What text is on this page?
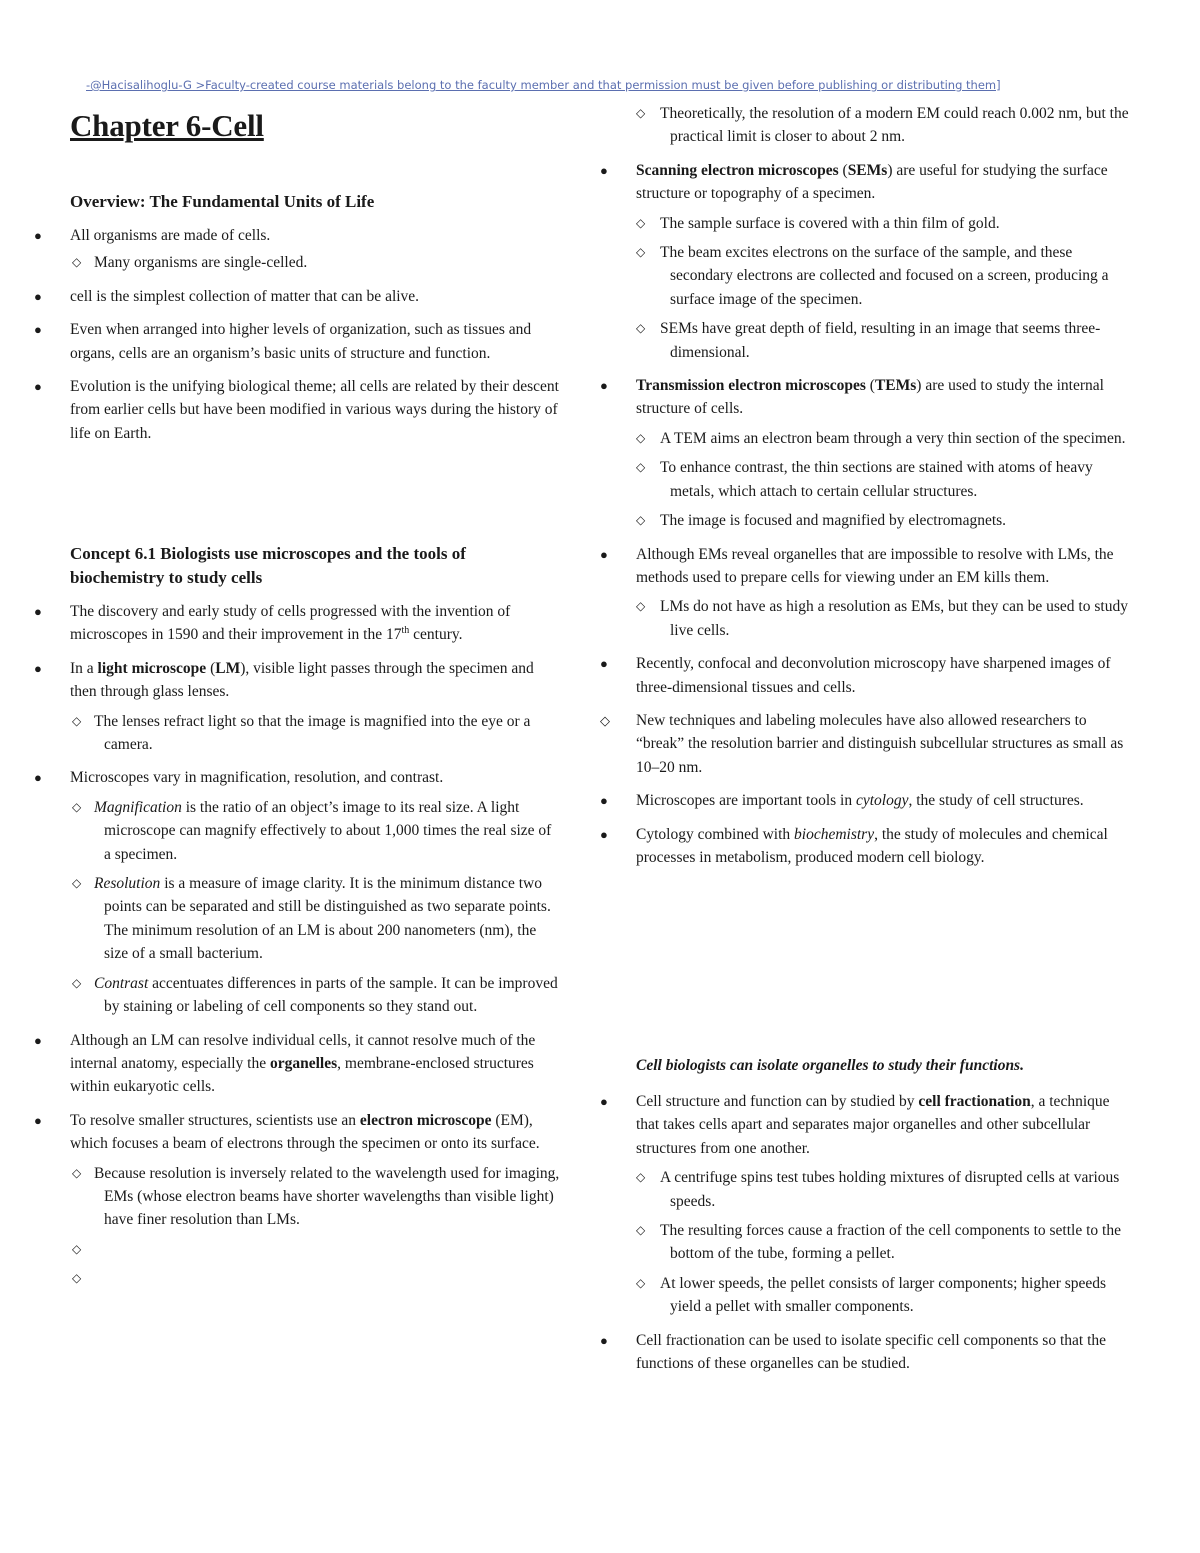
-@Hacisalihoglu-G >Faculty-created course materials belong to the faculty member and that permission must be given before publishing or distributing them]
Chapter 6-Cell
Overview: The Fundamental Units of Life
● All organisms are made of cells.
◇ Many organisms are single-celled.
● cell is the simplest collection of matter that can be alive.
● Even when arranged into higher levels of organization, such as tissues and organs, cells are an organism’s basic units of structure and function.
● Evolution is the unifying biological theme; all cells are related by their descent from earlier cells but have been modified in various ways during the history of life on Earth.
Concept 6.1 Biologists use microscopes and the tools of biochemistry to study cells
● The discovery and early study of cells progressed with the invention of microscopes in 1590 and their improvement in the 17th century.
● In a light microscope (LM), visible light passes through the specimen and then through glass lenses.
◇ The lenses refract light so that the image is magnified into the eye or a camera.
● Microscopes vary in magnification, resolution, and contrast.
◇ Magnification is the ratio of an object’s image to its real size. A light microscope can magnify effectively to about 1,000 times the real size of a specimen.
◇ Resolution is a measure of image clarity. It is the minimum distance two points can be separated and still be distinguished as two separate points. The minimum resolution of an LM is about 200 nanometers (nm), the size of a small bacterium.
◇ Contrast accentuates differences in parts of the sample. It can be improved by staining or labeling of cell components so they stand out.
● Although an LM can resolve individual cells, it cannot resolve much of the internal anatomy, especially the organelles, membrane-enclosed structures within eukaryotic cells.
● To resolve smaller structures, scientists use an electron microscope (EM), which focuses a beam of electrons through the specimen or onto its surface.
◇ Because resolution is inversely related to the wavelength used for imaging, EMs (whose electron beams have shorter wavelengths than visible light) have finer resolution than LMs.
◇
◇
◇ Theoretically, the resolution of a modern EM could reach 0.002 nm, but the practical limit is closer to about 2 nm.
● Scanning electron microscopes (SEMs) are useful for studying the surface structure or topography of a specimen.
◇ The sample surface is covered with a thin film of gold.
◇ The beam excites electrons on the surface of the sample, and these secondary electrons are collected and focused on a screen, producing a surface image of the specimen.
◇ SEMs have great depth of field, resulting in an image that seems three-dimensional.
● Transmission electron microscopes (TEMs) are used to study the internal structure of cells.
◇ A TEM aims an electron beam through a very thin section of the specimen.
◇ To enhance contrast, the thin sections are stained with atoms of heavy metals, which attach to certain cellular structures.
◇ The image is focused and magnified by electromagnets.
● Although EMs reveal organelles that are impossible to resolve with LMs, the methods used to prepare cells for viewing under an EM kills them.
◇ LMs do not have as high a resolution as EMs, but they can be used to study live cells.
● Recently, confocal and deconvolution microscopy have sharpened images of three-dimensional tissues and cells.
◇ New techniques and labeling molecules have also allowed researchers to “break” the resolution barrier and distinguish subcellular structures as small as 10–20 nm.
● Microscopes are important tools in cytology, the study of cell structures.
● Cytology combined with biochemistry, the study of molecules and chemical processes in metabolism, produced modern cell biology.
Cell biologists can isolate organelles to study their functions.
● Cell structure and function can by studied by cell fractionation, a technique that takes cells apart and separates major organelles and other subcellular structures from one another.
◇ A centrifuge spins test tubes holding mixtures of disrupted cells at various speeds.
◇ The resulting forces cause a fraction of the cell components to settle to the bottom of the tube, forming a pellet.
◇ At lower speeds, the pellet consists of larger components; higher speeds yield a pellet with smaller components.
● Cell fractionation can be used to isolate specific cell components so that the functions of these organelles can be studied.
